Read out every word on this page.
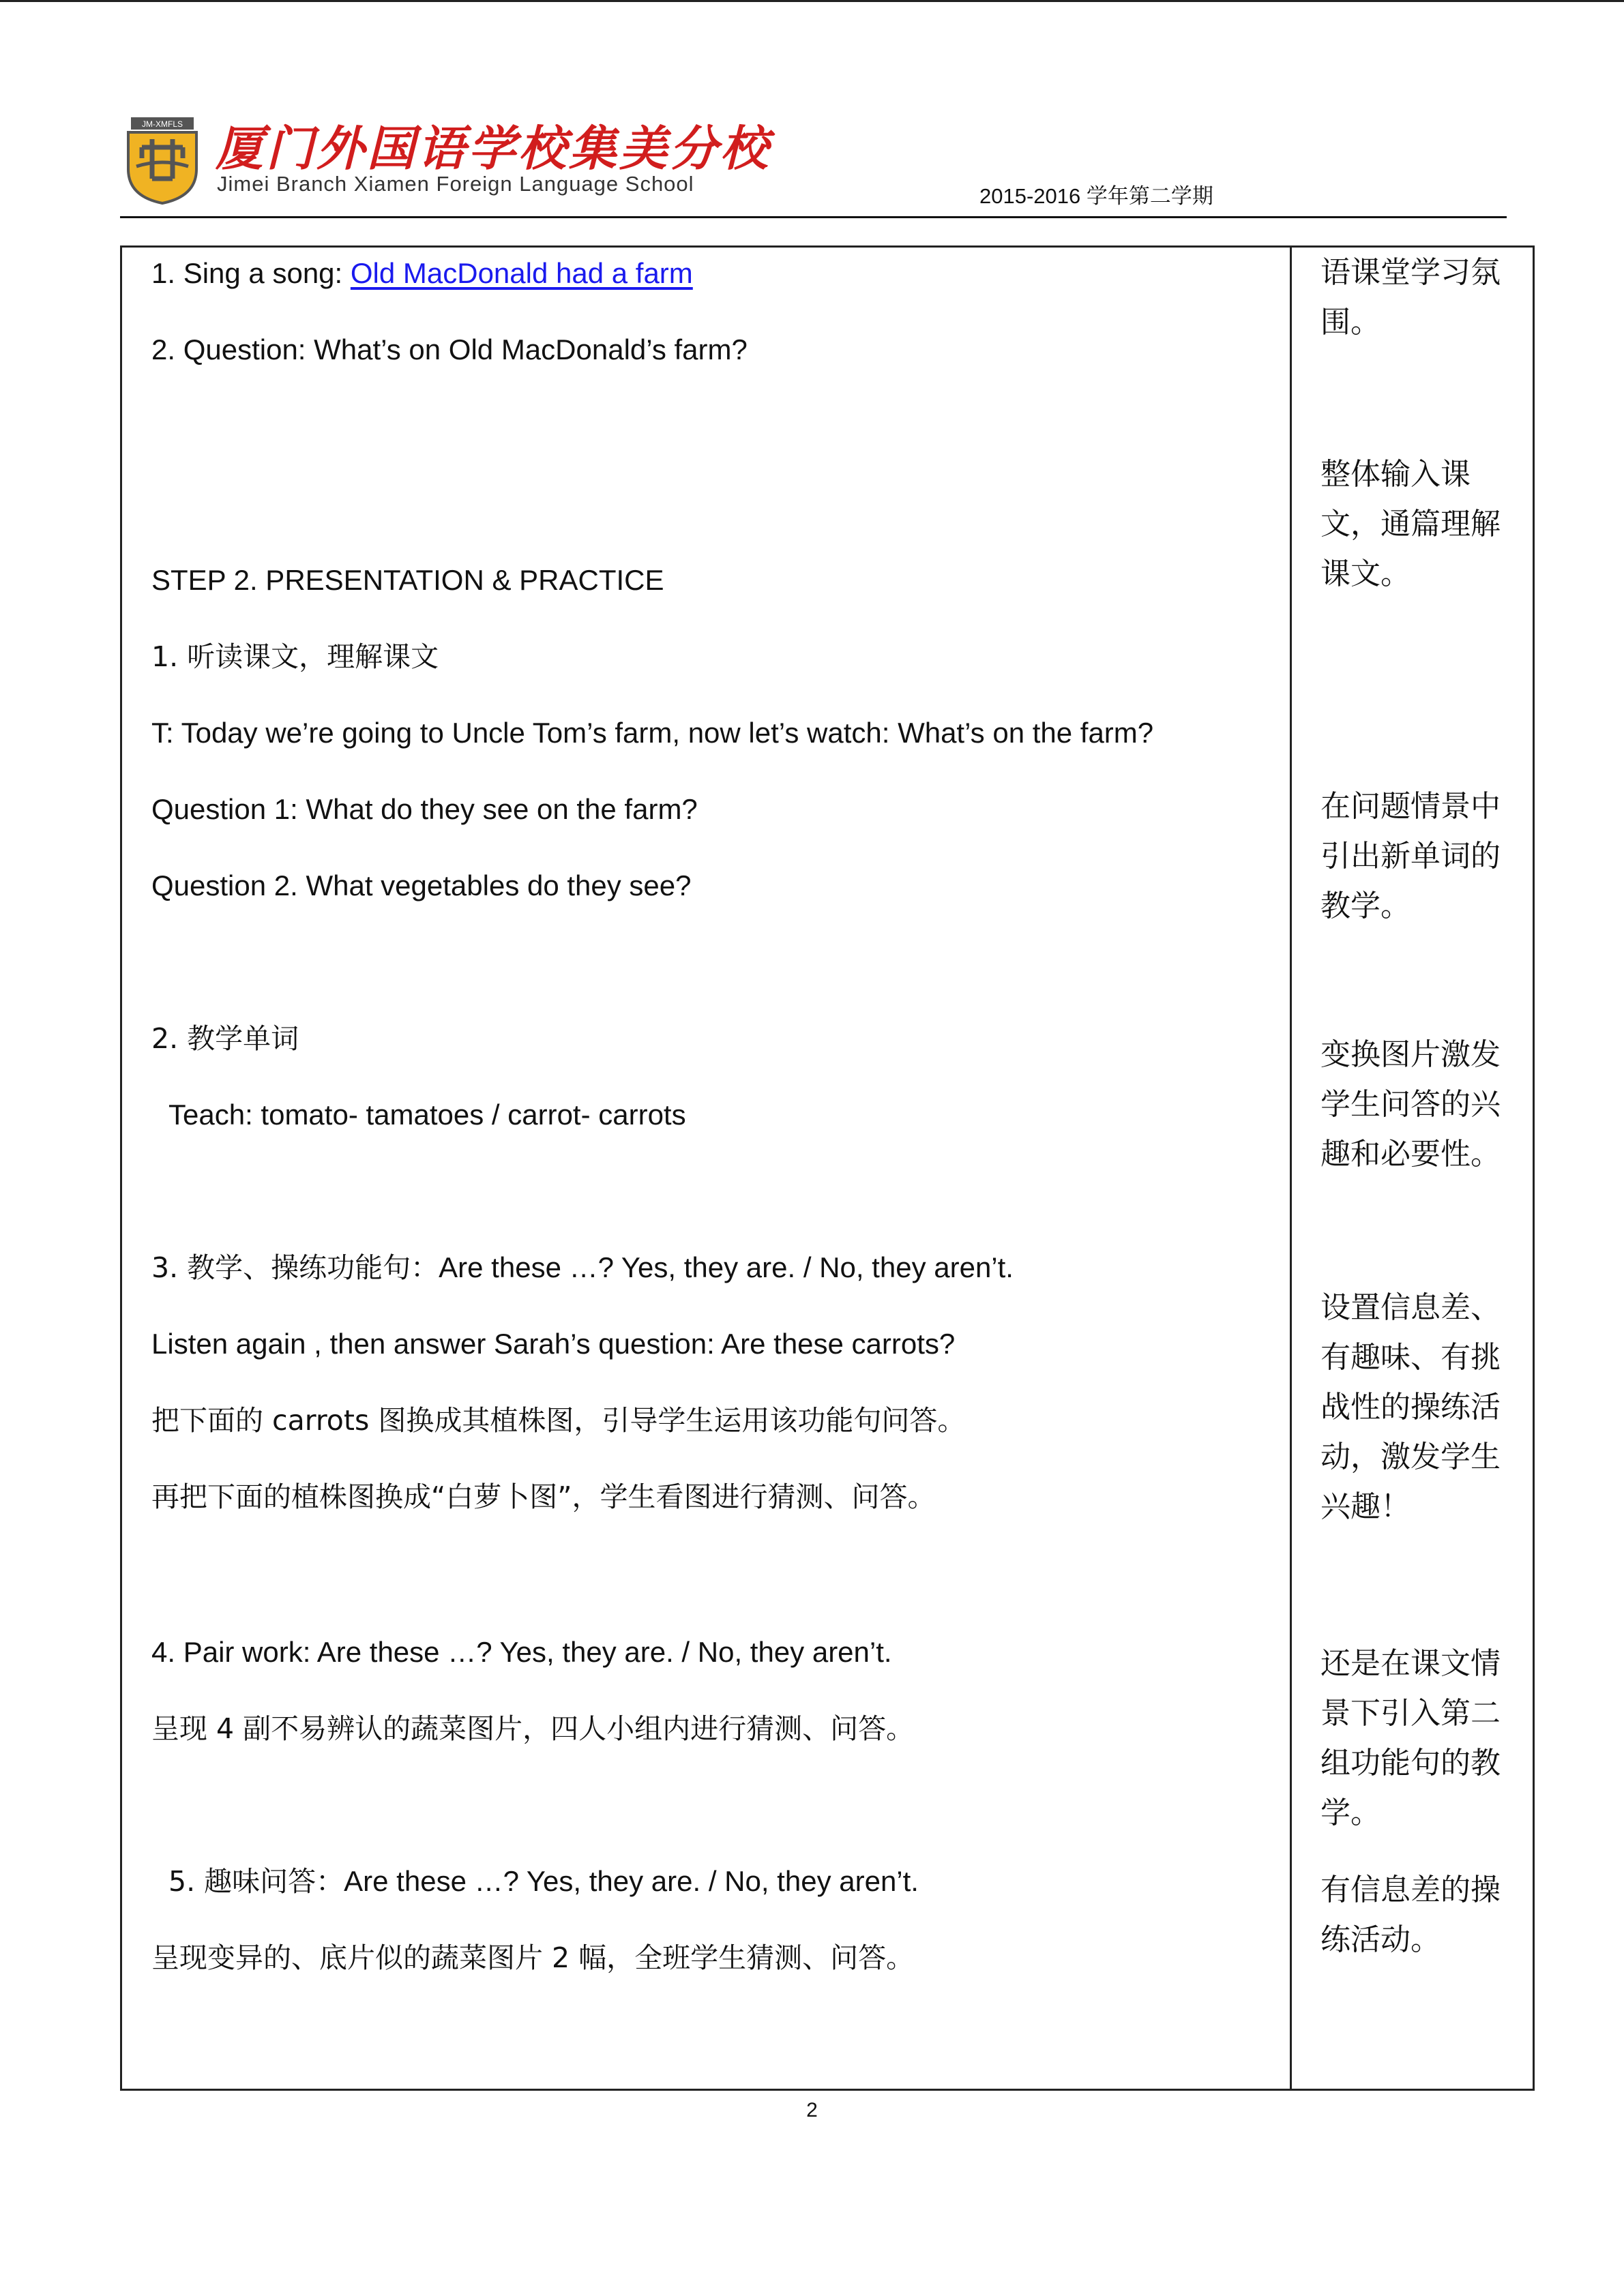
JM-XMFLS 厦门外国语学校集美分校
Jimei Branch Xiamen Foreign Language School
2015-2016 学年第二学期
1. Sing a song: Old MacDonald had a farm
2. Question: What’s on Old MacDonald’s farm?
STEP 2. PRESENTATION & PRACTICE
1. 听读课文，理解课文
T: Today we’re going to Uncle Tom’s farm, now let’s watch: What’s on the farm?
Question 1: What do they see on the farm?
Question 2. What vegetables do they see?
2. 教学单词
Teach: tomato- tamatoes / carrot- carrots
3. 教学、操练功能句：Are these …? Yes, they are. / No, they aren’t.
Listen again , then answer Sarah’s question: Are these carrots?
把下面的 carrots 图换成其植株图，引导学生运用该功能句问答。
再把下面的植株图换成“白萝卜图”，学生看图进行猜测、问答。
4. Pair work: Are these …? Yes, they are. / No, they aren’t.
呈现 4 副不易辨认的蔬菜图片，四人小组内进行猜测、问答。
5. 趣味问答：Are these …? Yes, they are. / No, they aren’t.
呈现变异的、底片似的蔬菜图片 2 幅，全班学生猜测、问答。
语课堂学习氛围。
整体输入课文，通篇理解课文。
在问题情景中引出新单词的教学。
变换图片激发学生问答的兴趣和必要性。
设置信息差、有趣味、有挑战性的操练活动，激发学生兴趣！
还是在课文情景下引入第二组功能句的教学。
有信息差的操练活动。
2
